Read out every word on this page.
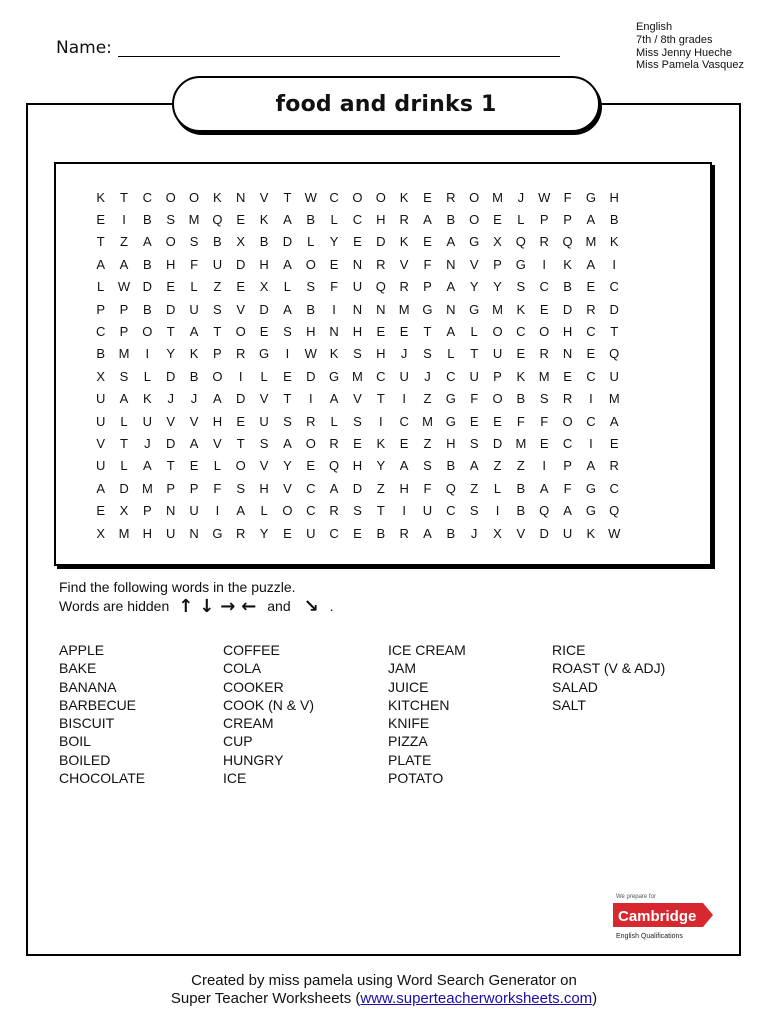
Name:
English
7th / 8th grades
Miss Jenny Hueche
Miss Pamela Vasquez
food and drinks 1
K	T	C	O	O	K	N	V	T	W C	O	O	K	E	R	O M	J	W	F	G	H
E	I	B	S	M Q	E	K	A	B	L	C	H	R	A	B	O	E	L	P	P	A	B
T	Z	A	O	S	B	X	B	D	L	Y	E	D	K	E	A	G	X	Q	R	Q M	K
A	A	B	H	F	U	D	H	A	O	E	N	R	V	F	N	V	P	G	I	K	A	I
L	W D	E	L	Z	E	X	L	S	F	U	Q	R	P	A	Y	Y	S	C	B	E	C
P	P	B	D	U	S	V	D	A	B	I	N	N	M G	N	G M	K	E	D	R	D
C	P	O	T	A	T	O	E	S	H	N	H	E	E	T	A	L	O	C	O	H	C	T
B	M	I	Y	K	P	R	G	I	W K	S	H	J	S	L	T	U	E	R	N	E	Q
X	S	L	D	B	O	I	L	E	D	G M	C	U	J	C	U	P	K	M	E	C	U
U	A	K	J	J	A	D	V	T	I	A	V	T	I	Z	G	F	O	B	S	R	I	M
U	L	U	V	V	H	E	U	S	R	L	S	I	C	M G	E	E	F	F	O	C	A
V	T	J	D	A	V	T	S	A	O	R	E	K	E	Z	H	S	D	M	E	C	I	E
U	L	A	T	E	L	O	V	Y	E	Q	H	Y	A	S	B	A	Z	Z	I	P	A	R
A	D	M	P	P	F	S	H	V	C	A	D	Z	H	F	Q	Z	L	B	A	F	G	C
E	X	P	N	U	I	A	L	O	C	R	S	T	I	U	C	S	I	B	Q	A	G	Q
X	M	H	U	N	G	R	Y	E	U	C	E	B	R	A	B	J	X	V	D	U	K W
Find the following words in the puzzle.
Words are hidden ↑ ↓ → ← and ↘ .
APPLE
BAKE
BANANA
BARBECUE
BISCUIT
BOIL
BOILED
CHOCOLATE
COFFEE
COLA
COOKER
COOK (N & V)
CREAM
CUP
HUNGRY
ICE
ICE CREAM
JAM
JUICE
KITCHEN
KNIFE
PIZZA
PLATE
POTATO
RICE
ROAST (V & ADJ)
SALAD
SALT
We prepare for
Cambridge
English Qualifications
Created by miss pamela using Word Search Generator on
Super Teacher Worksheets (www.superteacherworksheets.com)
